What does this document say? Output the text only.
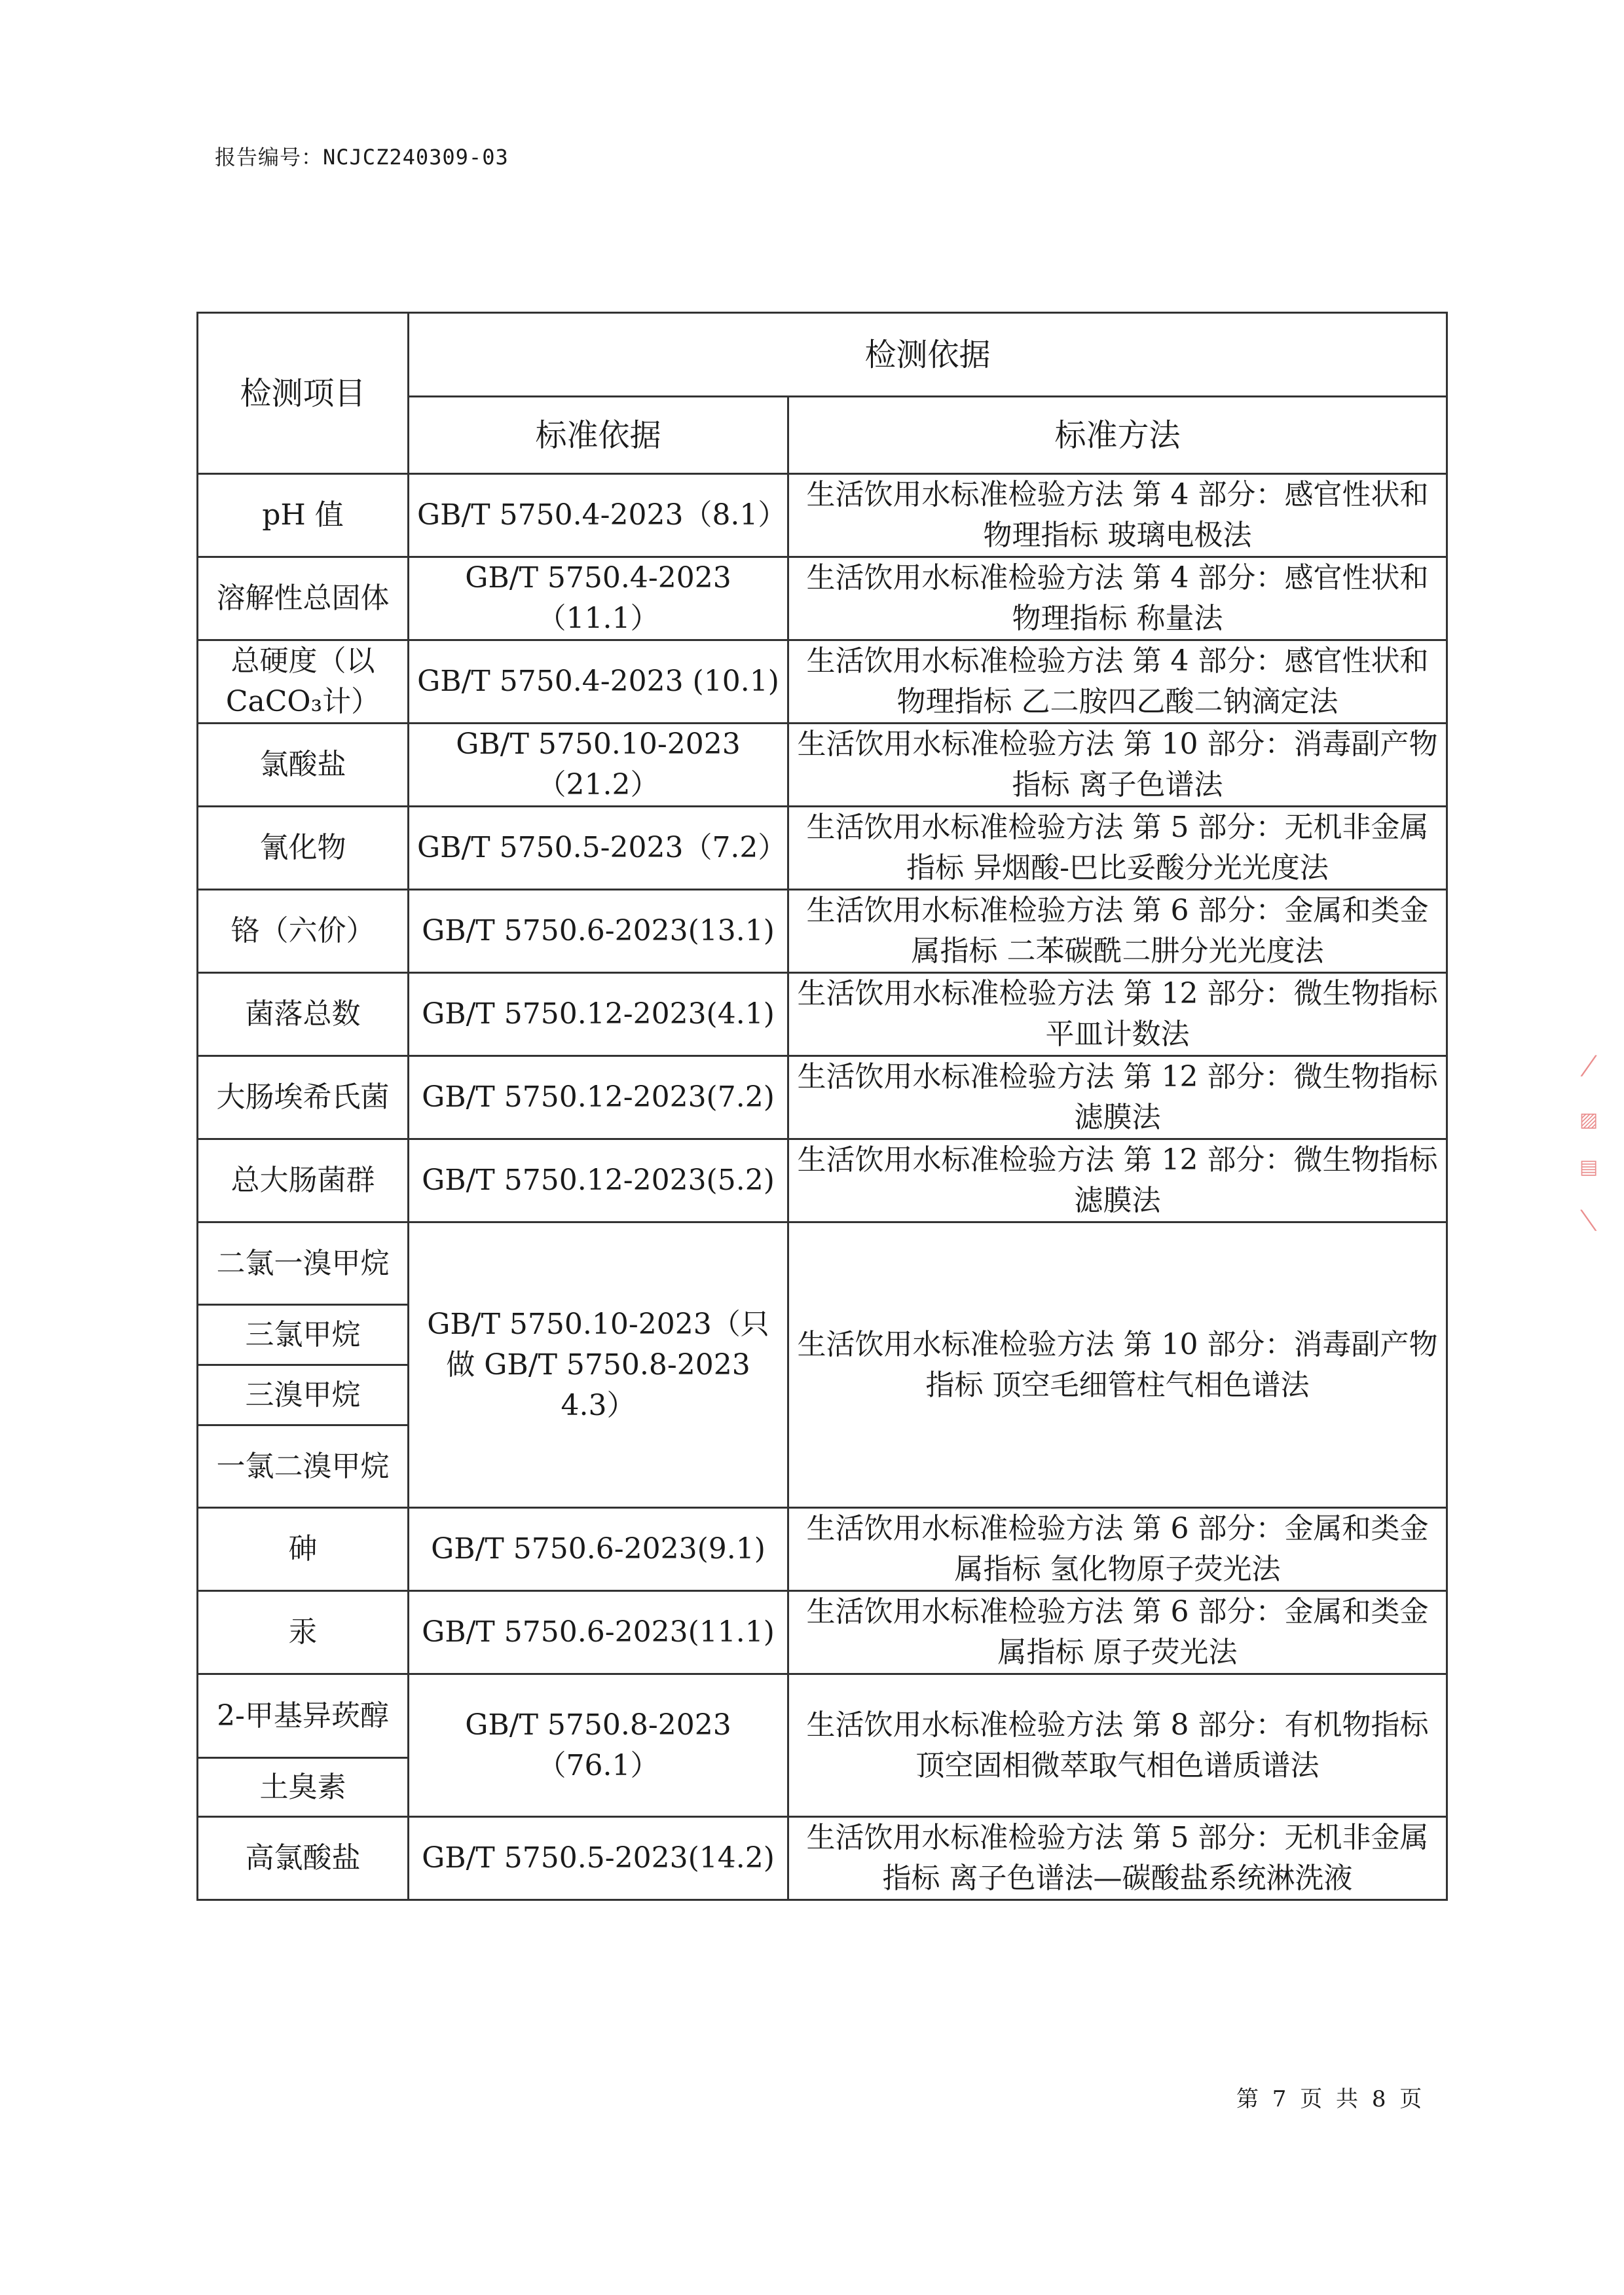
报告编号：NCJCZ240309-03
检测项目	检测依据	
	标准依据	标准方法
pH 值	GB/T 5750.4-2023（8.1）	生活饮用水标准检验方法 第 4 部分：感官性状和物理指标 玻璃电极法
溶解性总固体	GB/T 5750.4-2023（11.1）	生活饮用水标准检验方法 第 4 部分：感官性状和物理指标 称量法
总硬度（以CaCO₃计）	GB/T 5750.4-2023 (10.1)	生活饮用水标准检验方法 第 4 部分：感官性状和物理指标 乙二胺四乙酸二钠滴定法
氯酸盐	GB/T 5750.10-2023（21.2）	生活饮用水标准检验方法 第 10 部分：消毒副产物指标 离子色谱法
氰化物	GB/T 5750.5-2023（7.2）	生活饮用水标准检验方法 第 5 部分：无机非金属指标 异烟酸-巴比妥酸分光光度法
铬（六价）	GB/T 5750.6-2023(13.1)	生活饮用水标准检验方法 第 6 部分：金属和类金属指标 二苯碳酰二肼分光光度法
菌落总数	GB/T 5750.12-2023(4.1)	生活饮用水标准检验方法 第 12 部分：微生物指标 平皿计数法
大肠埃希氏菌	GB/T 5750.12-2023(7.2)	生活饮用水标准检验方法 第 12 部分：微生物指标 滤膜法
总大肠菌群	GB/T 5750.12-2023(5.2)	生活饮用水标准检验方法 第 12 部分：微生物指标 滤膜法
二氯一溴甲烷	GB/T 5750.10-2023（只做 GB/T 5750.8-2023 4.3）	生活饮用水标准检验方法 第 10 部分：消毒副产物指标 顶空毛细管柱气相色谱法
三氯甲烷		
三溴甲烷		
一氯二溴甲烷		
砷	GB/T 5750.6-2023(9.1)	生活饮用水标准检验方法 第 6 部分：金属和类金属指标 氢化物原子荧光法
汞	GB/T 5750.6-2023(11.1)	生活饮用水标准检验方法 第 6 部分：金属和类金属指标 原子荧光法
2-甲基异莰醇	GB/T 5750.8-2023（76.1）	生活饮用水标准检验方法 第 8 部分：有机物指标 顶空固相微萃取气相色谱质谱法
土臭素		
高氯酸盐	GB/T 5750.5-2023(14.2)	生活饮用水标准检验方法 第 5 部分：无机非金属指标 离子色谱法—碳酸盐系统淋洗液
╱
▨
▤
╲
第 7 页 共 8 页
